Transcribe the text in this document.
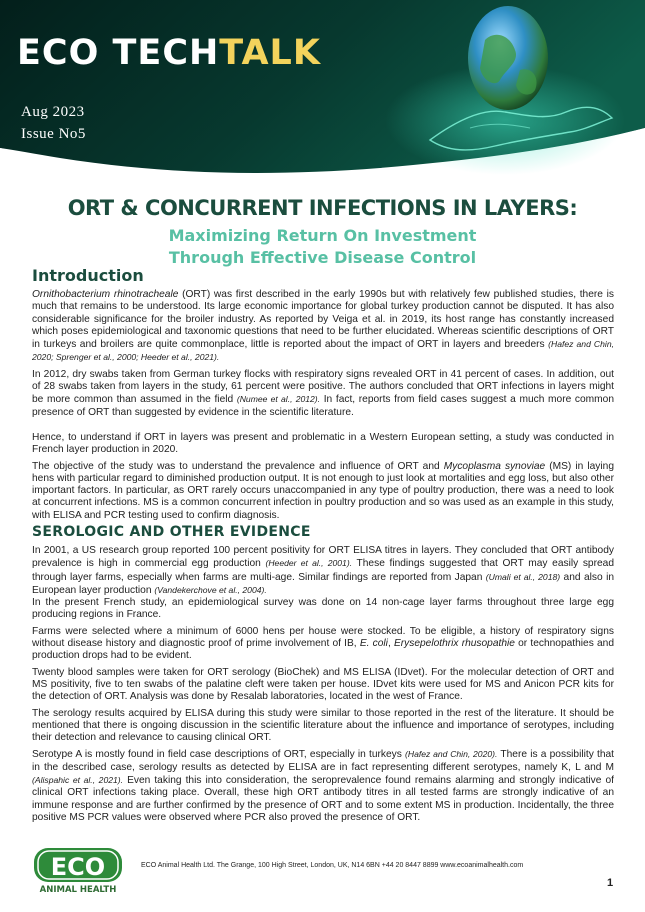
ECO TECHTALK
Aug 2023
Issue No5
ORT & CONCURRENT INFECTIONS IN LAYERS:
Maximizing Return On Investment
Through Effective Disease Control
Introduction

Ornithobacterium rhinotracheale (ORT) was first described in the early 1990s but with relatively few published studies, there is much that remains to be understood. Its large economic importance for global turkey production cannot be disputed. It has also considerable significance for the broiler industry. As reported by Veiga et al. in 2019, its host range has constantly increased which poses epidemiological and taxonomic questions that need to be further elucidated. Whereas scientific descriptions of ORT in turkeys and broilers are quite commonplace, little is reported about the impact of ORT in layers and breeders (Hafez and Chin, 2020; Sprenger et al., 2000; Heeder et al., 2021).

In 2012, dry swabs taken from German turkey flocks with respiratory signs revealed ORT in 41 percent of cases. In addition, out of 28 swabs taken from layers in the study, 61 percent were positive. The authors concluded that ORT infections in layers might be more common than assumed in the field (Numee et al., 2012). In fact, reports from field cases suggest a much more common presence of ORT than suggested by evidence in the scientific literature.

Hence, to understand if ORT in layers was present and problematic in a Western European setting, a study was conducted in French layer production in 2020.

The objective of the study was to understand the prevalence and influence of ORT and Mycoplasma synoviae (MS) in laying hens with particular regard to diminished production output. It is not enough to just look at mortalities and egg loss, but also other important factors. In particular, as ORT rarely occurs unaccompanied in any type of poultry production, there was a need to look at concurrent infections. MS is a common concurrent infection in poultry production and so was used as an example in this study, with ELISA and PCR testing used to confirm diagnosis.

SEROLOGIC AND OTHER EVIDENCE

In 2001, a US research group reported 100 percent positivity for ORT ELISA titres in layers. They concluded that ORT antibody prevalence is high in commercial egg production (Heeder et al., 2001). These findings suggested that ORT may easily spread through layer farms, especially when farms are multi-age. Similar findings are reported from Japan (Umali et al., 2018) and also in European layer production (Vandekerchove et al., 2004).
In the present French study, an epidemiological survey was done on 14 non-cage layer farms throughout three large egg producing regions in France.

Farms were selected where a minimum of 6000 hens per house were stocked. To be eligible, a history of respiratory signs without disease history and diagnostic proof of prime involvement of IB, E. coli, Erysepelothrix rhusopathie or technopathies and production drops had to be evident.

Twenty blood samples were taken for ORT serology (BioChek) and MS ELISA (IDvet). For the molecular detection of ORT and MS positivity, five to ten swabs of the palatine cleft were taken per house. IDvet kits were used for MS and Anicon PCR kits for the detection of ORT. Analysis was done by Resalab laboratories, located in the west of France.

The serology results acquired by ELISA during this study were similar to those reported in the rest of the literature. It should be mentioned that there is ongoing discussion in the scientific literature about the influence and importance of serotypes, including their detection and relevance to causing clinical ORT.

Serotype A is mostly found in field case descriptions of ORT, especially in turkeys (Hafez and Chin, 2020). There is a possibility that in the described case, serology results as detected by ELISA are in fact representing different serotypes, namely K, L and M (Alispahic et al., 2021). Even taking this into consideration, the seroprevalence found remains alarming and strongly indicative of clinical ORT infections taking place. Overall, these high ORT antibody titres in all tested farms are strongly indicative of an immune response and are further confirmed by the presence of ORT and to some extent MS in production. Incidentally, the three positive MS PCR values were observed where PCR also proved the presence of ORT.

ECO
ANIMAL HEALTH
ECO Animal Health Ltd. The Grange, 100 High Street, London, UK, N14 6BN +44 20 8447 8899 www.ecoanimalhealth.com
1
